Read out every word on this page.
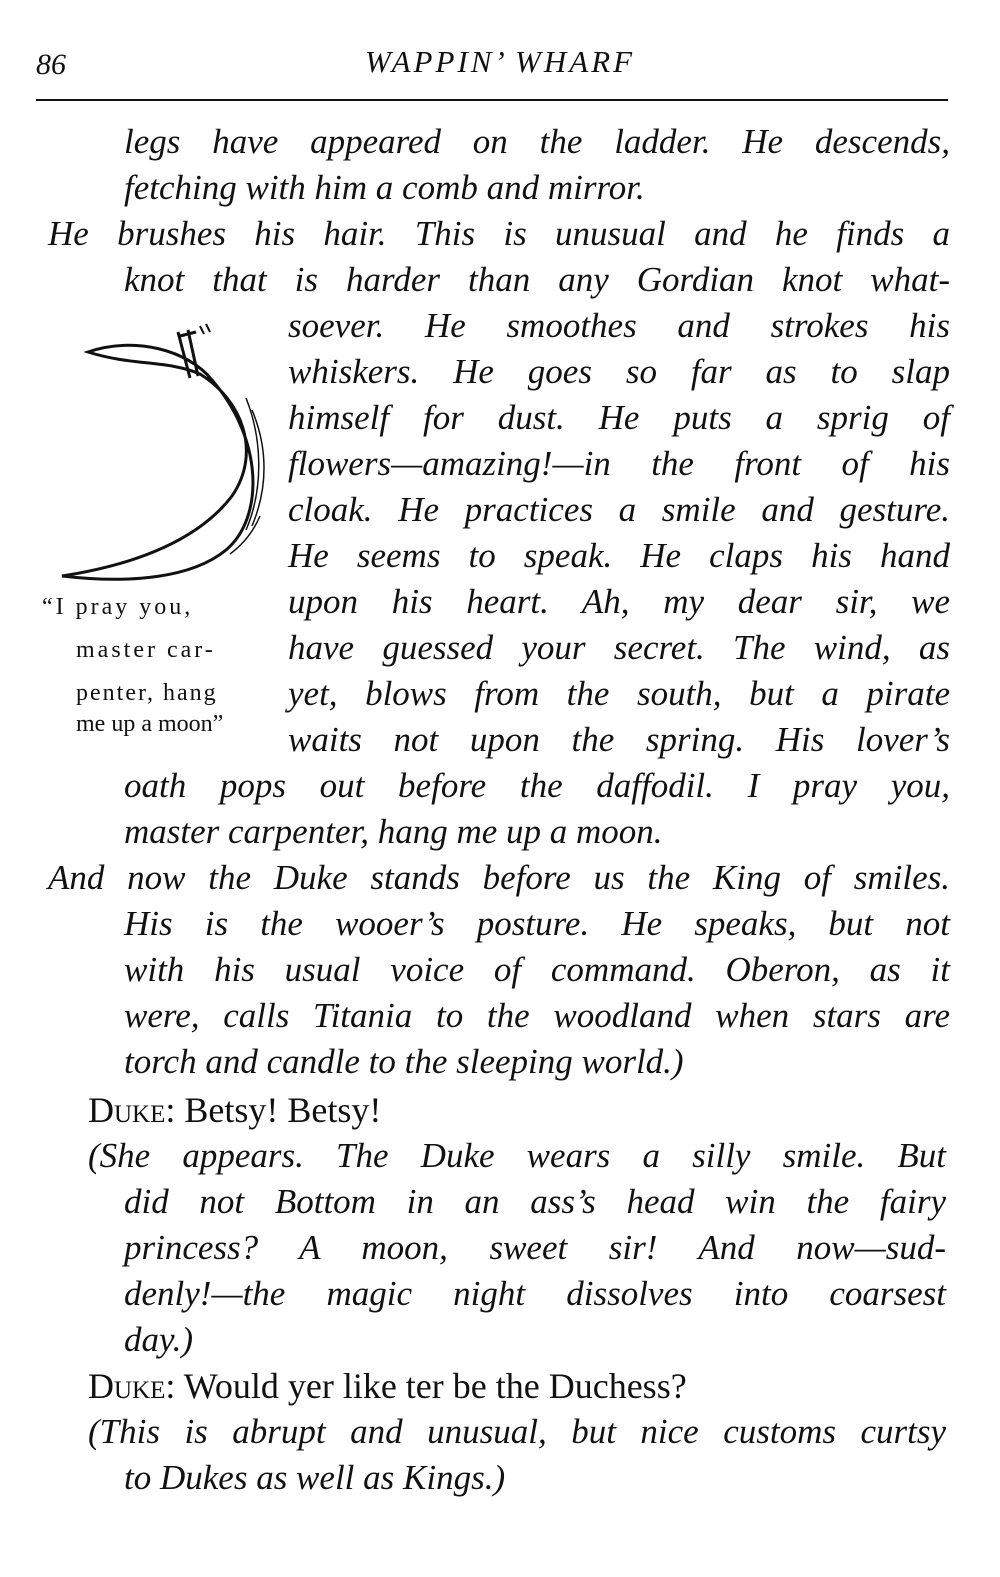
86	WAPPIN’ WHARF
“I pray you,
master car-
penter, hang
me up a moon”
legs have appeared on the ladder. He descends,
fetching with him a comb and mirror.
He brushes his hair. This is unusual and he finds a
knot that is harder than any Gordian knot what-
soever. He smoothes and strokes his
whiskers. He goes so far as to slap
himself for dust. He puts a sprig of
flowers—amazing!—in the front of his
cloak. He practices a smile and gesture.
He seems to speak. He claps his hand
upon his heart. Ah, my dear sir, we
have guessed your secret. The wind, as
yet, blows from the south, but a pirate
waits not upon the spring. His lover’s
oath pops out before the daffodil. I pray you,
master carpenter, hang me up a moon.
And now the Duke stands before us the King of smiles.
His is the wooer’s posture. He speaks, but not
with his usual voice of command. Oberon, as it
were, calls Titania to the woodland when stars are
torch and candle to the sleeping world.)
Duke: Betsy! Betsy!
(She appears. The Duke wears a silly smile. But
did not Bottom in an ass’s head win the fairy
princess? A moon, sweet sir! And now—sud-
denly!—the magic night dissolves into coarsest
day.)
Duke: Would yer like ter be the Duchess?
(This is abrupt and unusual, but nice customs curtsy
to Dukes as well as Kings.)
